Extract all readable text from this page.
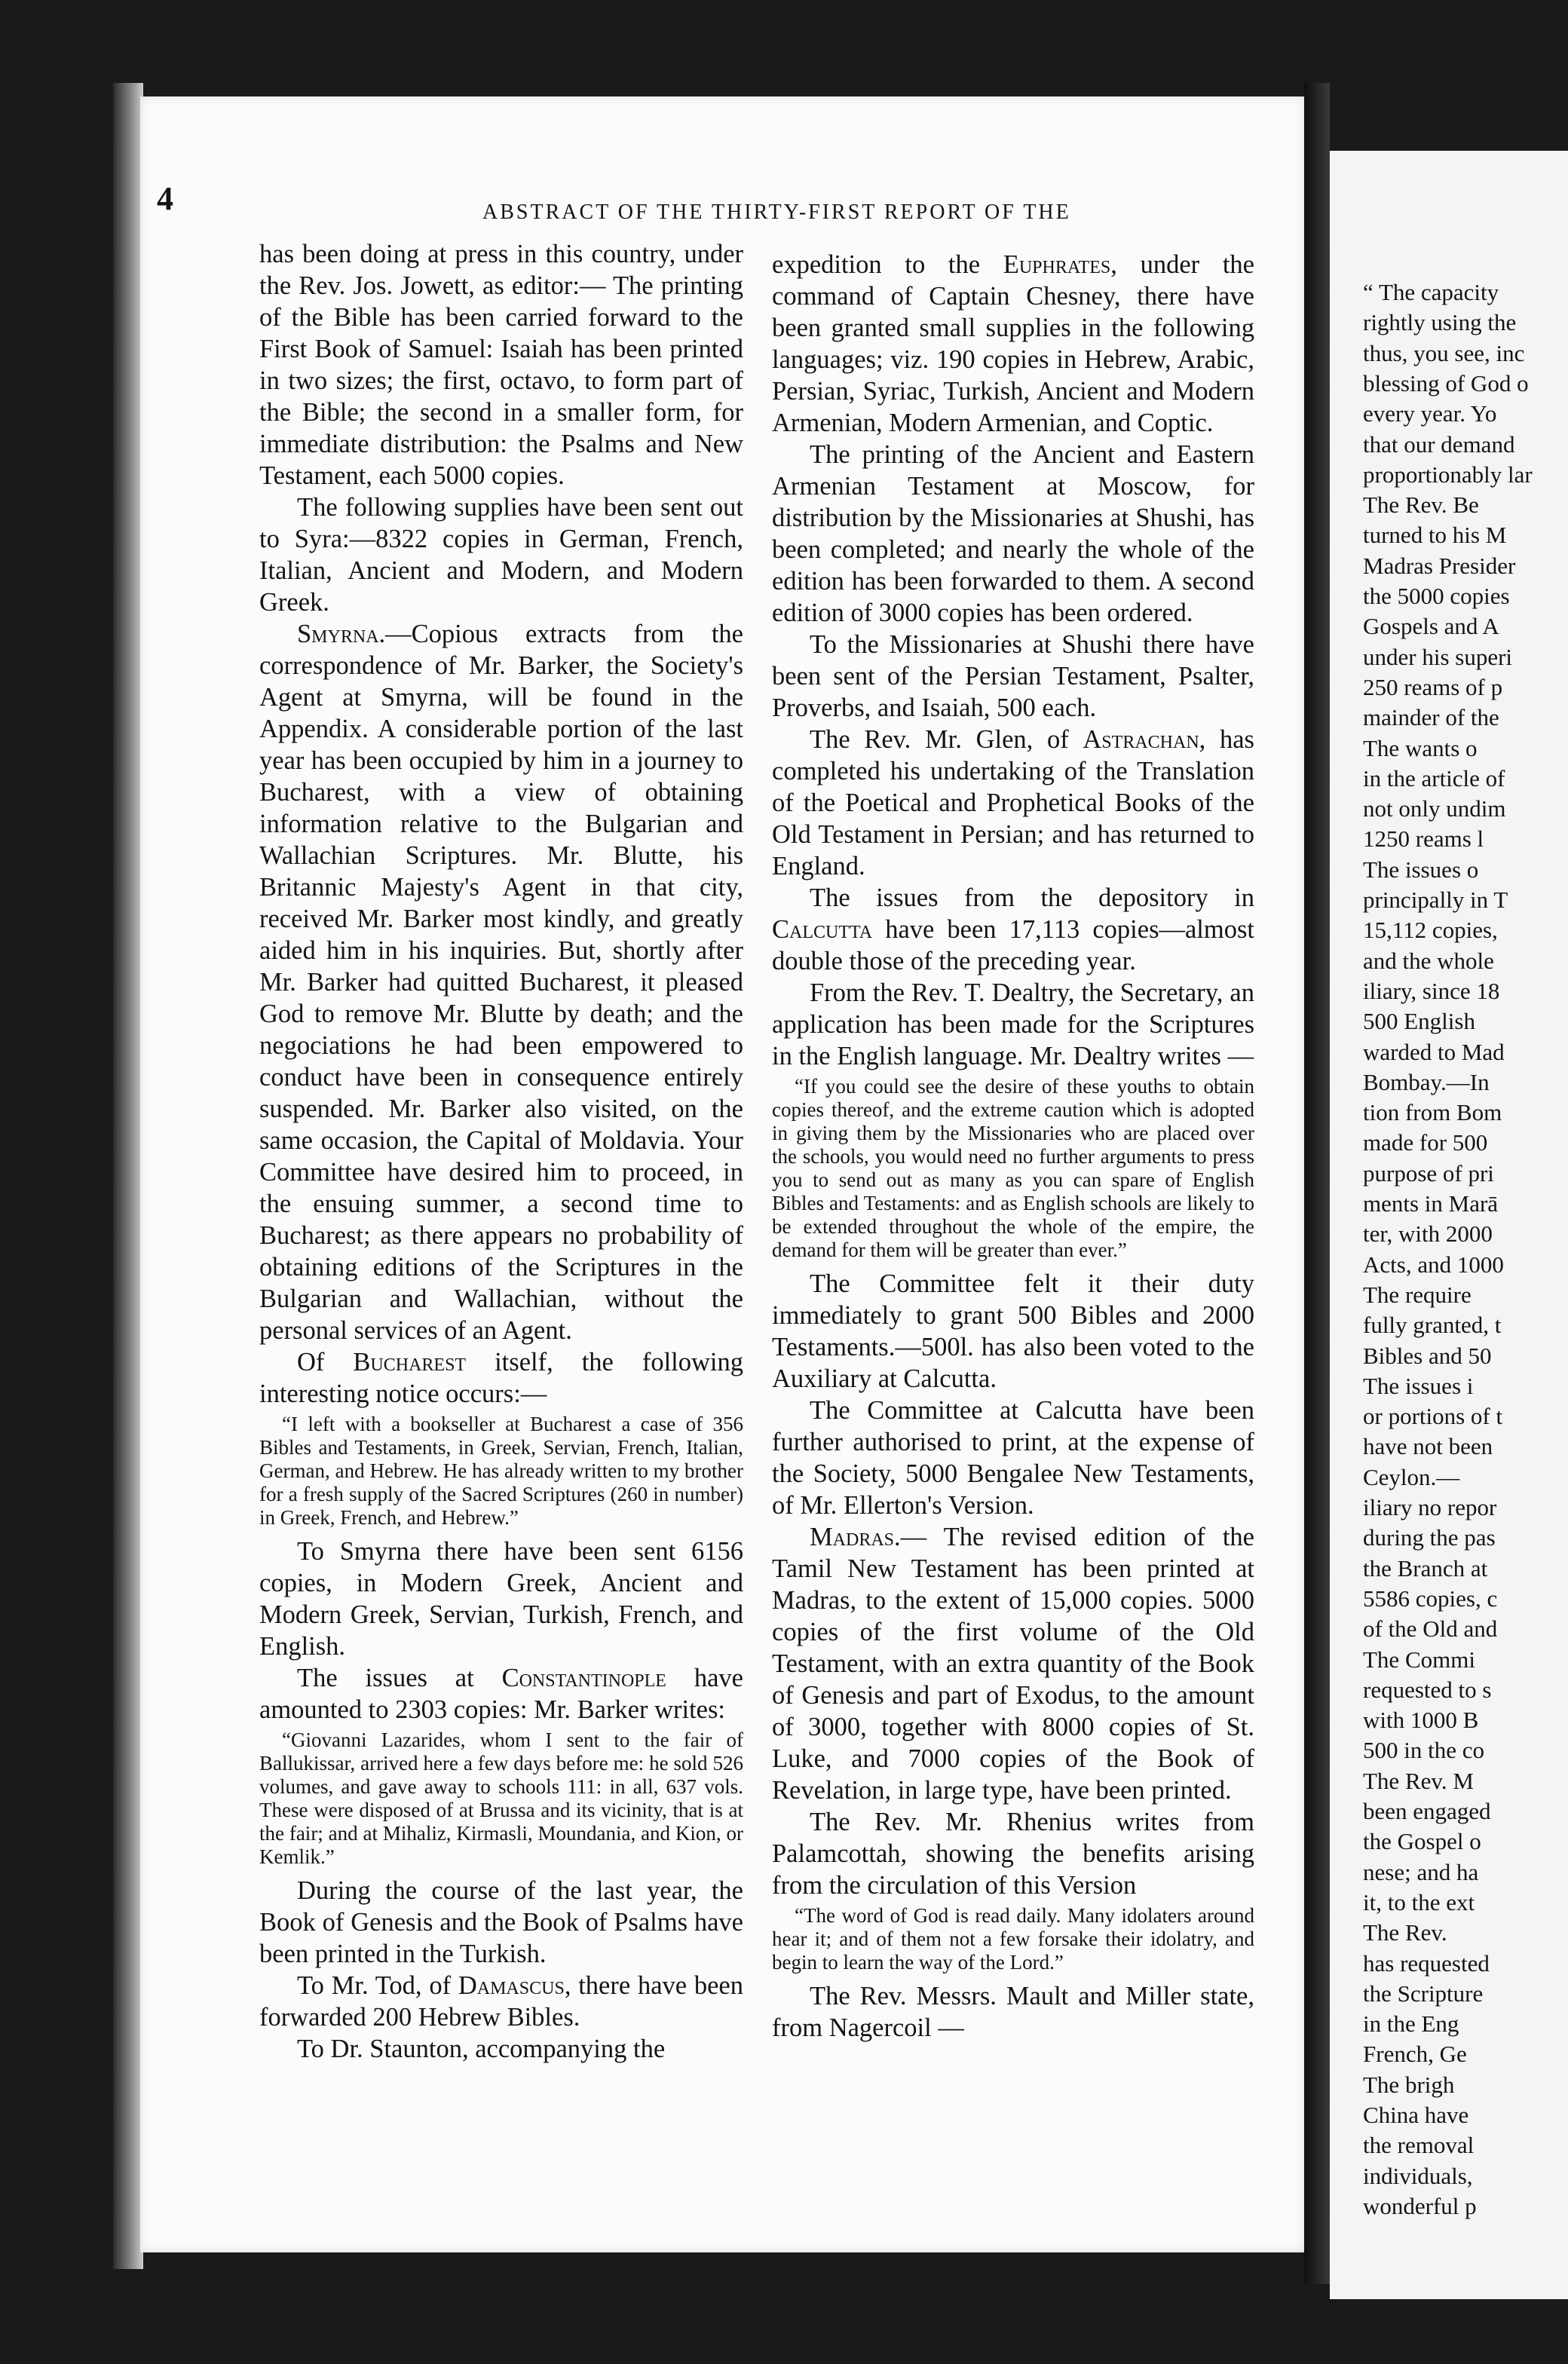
4	ABSTRACT OF THE THIRTY-FIRST REPORT OF THE

has been doing at press in this country, under the Rev. Jos. Jowett, as editor:— The printing of the Bible has been carried forward to the First Book of Samuel: Isaiah has been printed in two sizes; the first, octavo, to form part of the Bible; the second in a smaller form, for immediate distribution: the Psalms and New Testament, each 5000 copies.

The following supplies have been sent out to Syra:—8322 copies in German, French, Italian, Ancient and Modern, and Modern Greek.

Smyrna.—Copious extracts from the correspondence of Mr. Barker, the Society's Agent at Smyrna, will be found in the Appendix. A considerable portion of the last year has been occupied by him in a journey to Bucharest, with a view of obtaining information relative to the Bulgarian and Wallachian Scriptures. Mr. Blutte, his Britannic Majesty's Agent in that city, received Mr. Barker most kindly, and greatly aided him in his inquiries. But, shortly after Mr. Barker had quitted Bucharest, it pleased God to remove Mr. Blutte by death; and the negociations he had been empowered to conduct have been in consequence entirely suspended. Mr. Barker also visited, on the same occasion, the Capital of Moldavia. Your Committee have desired him to proceed, in the ensuing summer, a second time to Bucharest; as there appears no probability of obtaining editions of the Scriptures in the Bulgarian and Wallachian, without the personal services of an Agent.

Of Bucharest itself, the following interesting notice occurs:—

“I left with a bookseller at Bucharest a case of 356 Bibles and Testaments, in Greek, Servian, French, Italian, German, and Hebrew. He has already written to my brother for a fresh supply of the Sacred Scriptures (260 in number) in Greek, French, and Hebrew.”

To Smyrna there have been sent 6156 copies, in Modern Greek, Ancient and Modern Greek, Servian, Turkish, French, and English.

The issues at Constantinople have amounted to 2303 copies: Mr. Barker writes:

“Giovanni Lazarides, whom I sent to the fair of Ballukissar, arrived here a few days before me: he sold 526 volumes, and gave away to schools 111: in all, 637 vols. These were disposed of at Brussa and its vicinity, that is at the fair; and at Mihaliz, Kirmasli, Moundania, and Kion, or Kemlik.”

During the course of the last year, the Book of Genesis and the Book of Psalms have been printed in the Turkish.

To Mr. Tod, of Damascus, there have been forwarded 200 Hebrew Bibles.

To Dr. Staunton, accompanying the

expedition to the Euphrates, under the command of Captain Chesney, there have been granted small supplies in the following languages; viz. 190 copies in Hebrew, Arabic, Persian, Syriac, Turkish, Ancient and Modern Armenian, Modern Armenian, and Coptic.

The printing of the Ancient and Eastern Armenian Testament at Moscow, for distribution by the Missionaries at Shushi, has been completed; and nearly the whole of the edition has been forwarded to them. A second edition of 3000 copies has been ordered.

To the Missionaries at Shushi there have been sent of the Persian Testament, Psalter, Proverbs, and Isaiah, 500 each.

The Rev. Mr. Glen, of Astrachan, has completed his undertaking of the Translation of the Poetical and Prophetical Books of the Old Testament in Persian; and has returned to England.

The issues from the depository in Calcutta have been 17,113 copies—almost double those of the preceding year.

From the Rev. T. Dealtry, the Secretary, an application has been made for the Scriptures in the English language. Mr. Dealtry writes —

“If you could see the desire of these youths to obtain copies thereof, and the extreme caution which is adopted in giving them by the Missionaries who are placed over the schools, you would need no further arguments to press you to send out as many as you can spare of English Bibles and Testaments: and as English schools are likely to be extended throughout the whole of the empire, the demand for them will be greater than ever.”

The Committee felt it their duty immediately to grant 500 Bibles and 2000 Testaments.—500l. has also been voted to the Auxiliary at Calcutta.

The Committee at Calcutta have been further authorised to print, at the expense of the Society, 5000 Bengalee New Testaments, of Mr. Ellerton's Version.

Madras.— The revised edition of the Tamil New Testament has been printed at Madras, to the extent of 15,000 copies. 5000 copies of the first volume of the Old Testament, with an extra quantity of the Book of Genesis and part of Exodus, to the amount of 3000, together with 8000 copies of St. Luke, and 7000 copies of the Book of Revelation, in large type, have been printed.

The Rev. Mr. Rhenius writes from Palamcottah, showing the benefits arising from the circulation of this Version

“The word of God is read daily. Many idolaters around hear it; and of them not a few forsake their idolatry, and begin to learn the way of the Lord.”

The Rev. Messrs. Mault and Miller state, from Nagercoil —

“ The capacity
rightly using the
thus, you see, inc
blessing of God o
every year. Yo
that our demand
proportionably lar
The Rev. Be
turned to his M
Madras Presider
the 5000 copies
Gospels and A
under his superi
250 reams of p
mainder of the
The wants o
in the article of
not only undim
1250 reams l
The issues o
principally in T
15,112 copies,
and the whole
iliary, since 18
500 English
warded to Mad
Bombay.—In
tion from Bom
made for 500
purpose of pri
ments in Marā
ter, with 2000
Acts, and 1000
The require
fully granted, t
Bibles and 50
The issues i
or portions of t
have not been
Ceylon.—
iliary no repor
during the pas
the Branch at
5586 copies, c
of the Old and
The Commi
requested to s
with 1000 B
500 in the co
The Rev. M
been engaged
the Gospel o
nese; and ha
it, to the ext
The Rev.
has requested
the Scripture
in the Eng
French, Ge
The brigh
China have
the removal
individuals,
wonderful p
